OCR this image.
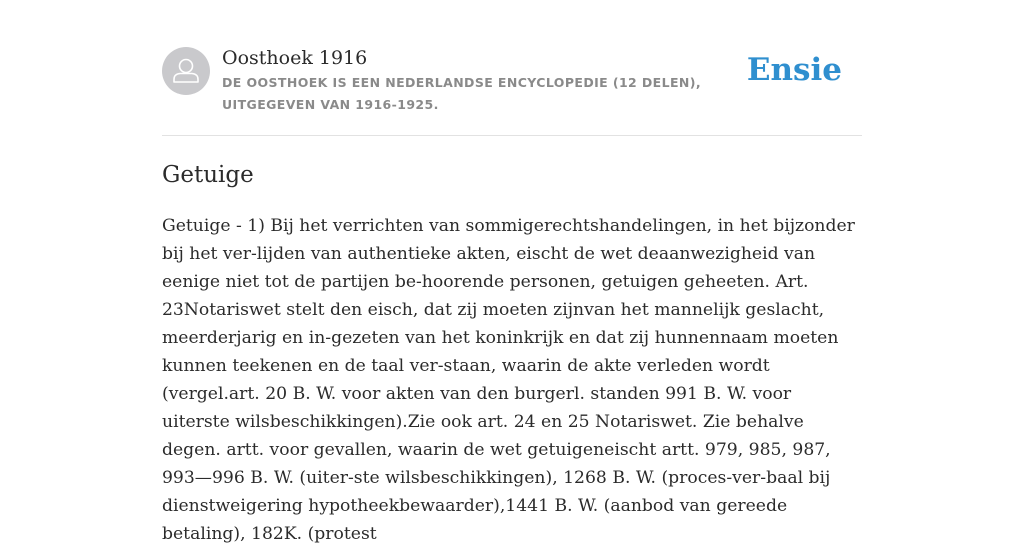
Oosthoek 1916
DE OOSTHOEK IS EEN NEDERLANDSE ENCYCLOPEDIE (12 DELEN), UITGEGEVEN VAN 1916-1925.
Ensie
Getuige

Getuige - 1) Bij het verrichten van sommigerechtshandelingen, in het bijzonder bij het ver-lijden van authentieke akten, eischt de wet deaanwezigheid van eenige niet tot de partijen be-hoorende personen, getuigen geheeten. Art. 23Notariswet stelt den eisch, dat zij moeten zijnvan het mannelijk geslacht, meerderjarig en in-gezeten van het koninkrijk en dat zij hunnennaam moeten kunnen teekenen en de taal ver-staan, waarin de akte verleden wordt (vergel.art. 20 B. W. voor akten van den burgerl. standen 991 B. W. voor uiterste wilsbeschikkingen).Zie ook art. 24 en 25 Notariswet. Zie behalve degen. artt. voor gevallen, waarin de wet getuigeneischt artt. 979, 985, 987, 993—996 B. W. (uiter-ste wilsbeschikkingen), 1268 B. W. (proces-ver-baal bij dienstweigering hypotheekbewaarder),1441 B. W. (aanbod van gereede betaling), 182K. (protest
